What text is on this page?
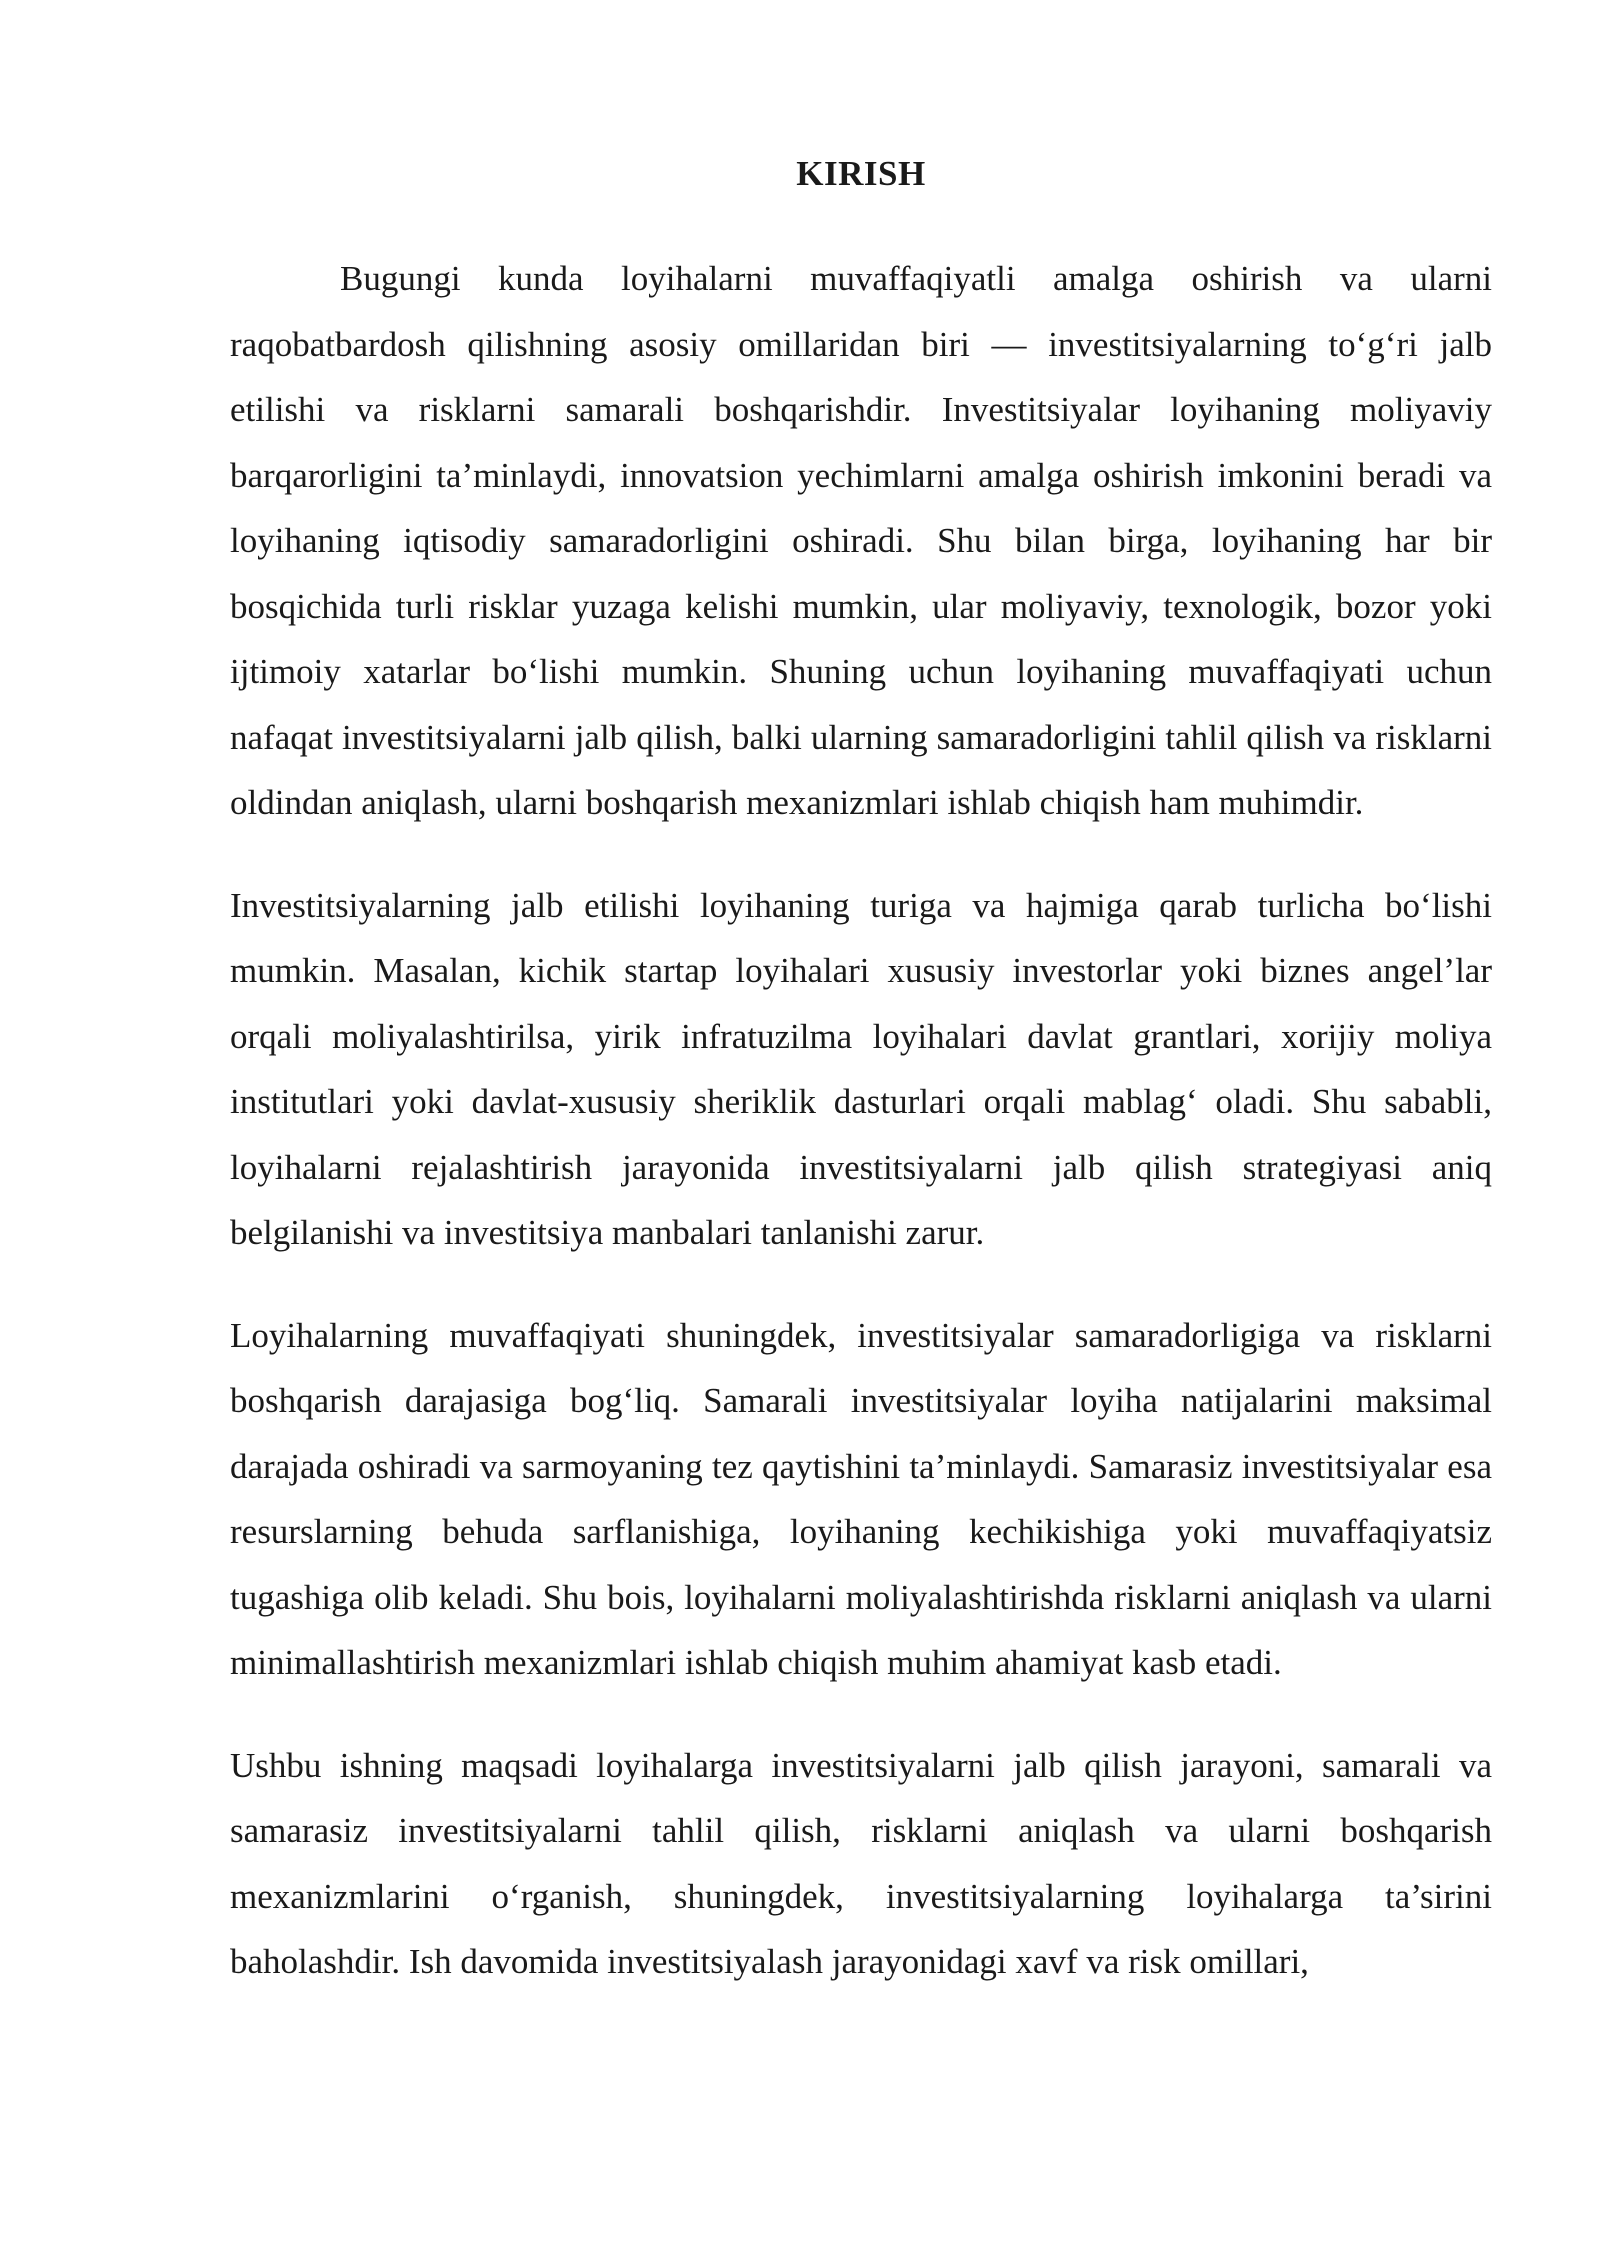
KIRISH

Bugungi kunda loyihalarni muvaffaqiyatli amalga oshirish va ularni raqobatbardosh qilishning asosiy omillaridan biri — investitsiyalarning to‘g‘ri jalb etilishi va risklarni samarali boshqarishdir. Investitsiyalar loyihaning moliyaviy barqarorligini ta’minlaydi, innovatsion yechimlarni amalga oshirish imkonini beradi va loyihaning iqtisodiy samaradorligini oshiradi. Shu bilan birga, loyihaning har bir bosqichida turli risklar yuzaga kelishi mumkin, ular moliyaviy, texnologik, bozor yoki ijtimoiy xatarlar bo‘lishi mumkin. Shuning uchun loyihaning muvaffaqiyati uchun nafaqat investitsiyalarni jalb qilish, balki ularning samaradorligini tahlil qilish va risklarni oldindan aniqlash, ularni boshqarish mexanizmlari ishlab chiqish ham muhimdir.

Investitsiyalarning jalb etilishi loyihaning turiga va hajmiga qarab turlicha bo‘lishi mumkin. Masalan, kichik startap loyihalari xususiy investorlar yoki biznes angel’lar orqali moliyalashtirilsa, yirik infratuzilma loyihalari davlat grantlari, xorijiy moliya institutlari yoki davlat-xususiy sheriklik dasturlari orqali mablag‘ oladi. Shu sababli, loyihalarni rejalashtirish jarayonida investitsiyalarni jalb qilish strategiyasi aniq belgilanishi va investitsiya manbalari tanlanishi zarur.

Loyihalarning muvaffaqiyati shuningdek, investitsiyalar samaradorligiga va risklarni boshqarish darajasiga bog‘liq. Samarali investitsiyalar loyiha natijalarini maksimal darajada oshiradi va sarmoyaning tez qaytishini ta’minlaydi. Samarasiz investitsiyalar esa resurslarning behuda sarflanishiga, loyihaning kechikishiga yoki muvaffaqiyatsiz tugashiga olib keladi. Shu bois, loyihalarni moliyalashtirishda risklarni aniqlash va ularni minimallashtirish mexanizmlari ishlab chiqish muhim ahamiyat kasb etadi.

Ushbu ishning maqsadi loyihalarga investitsiyalarni jalb qilish jarayoni, samarali va samarasiz investitsiyalarni tahlil qilish, risklarni aniqlash va ularni boshqarish mexanizmlarini o‘rganish, shuningdek, investitsiyalarning loyihalarga ta’sirini baholashdir. Ish davomida investitsiyalash jarayonidagi xavf va risk omillari,
